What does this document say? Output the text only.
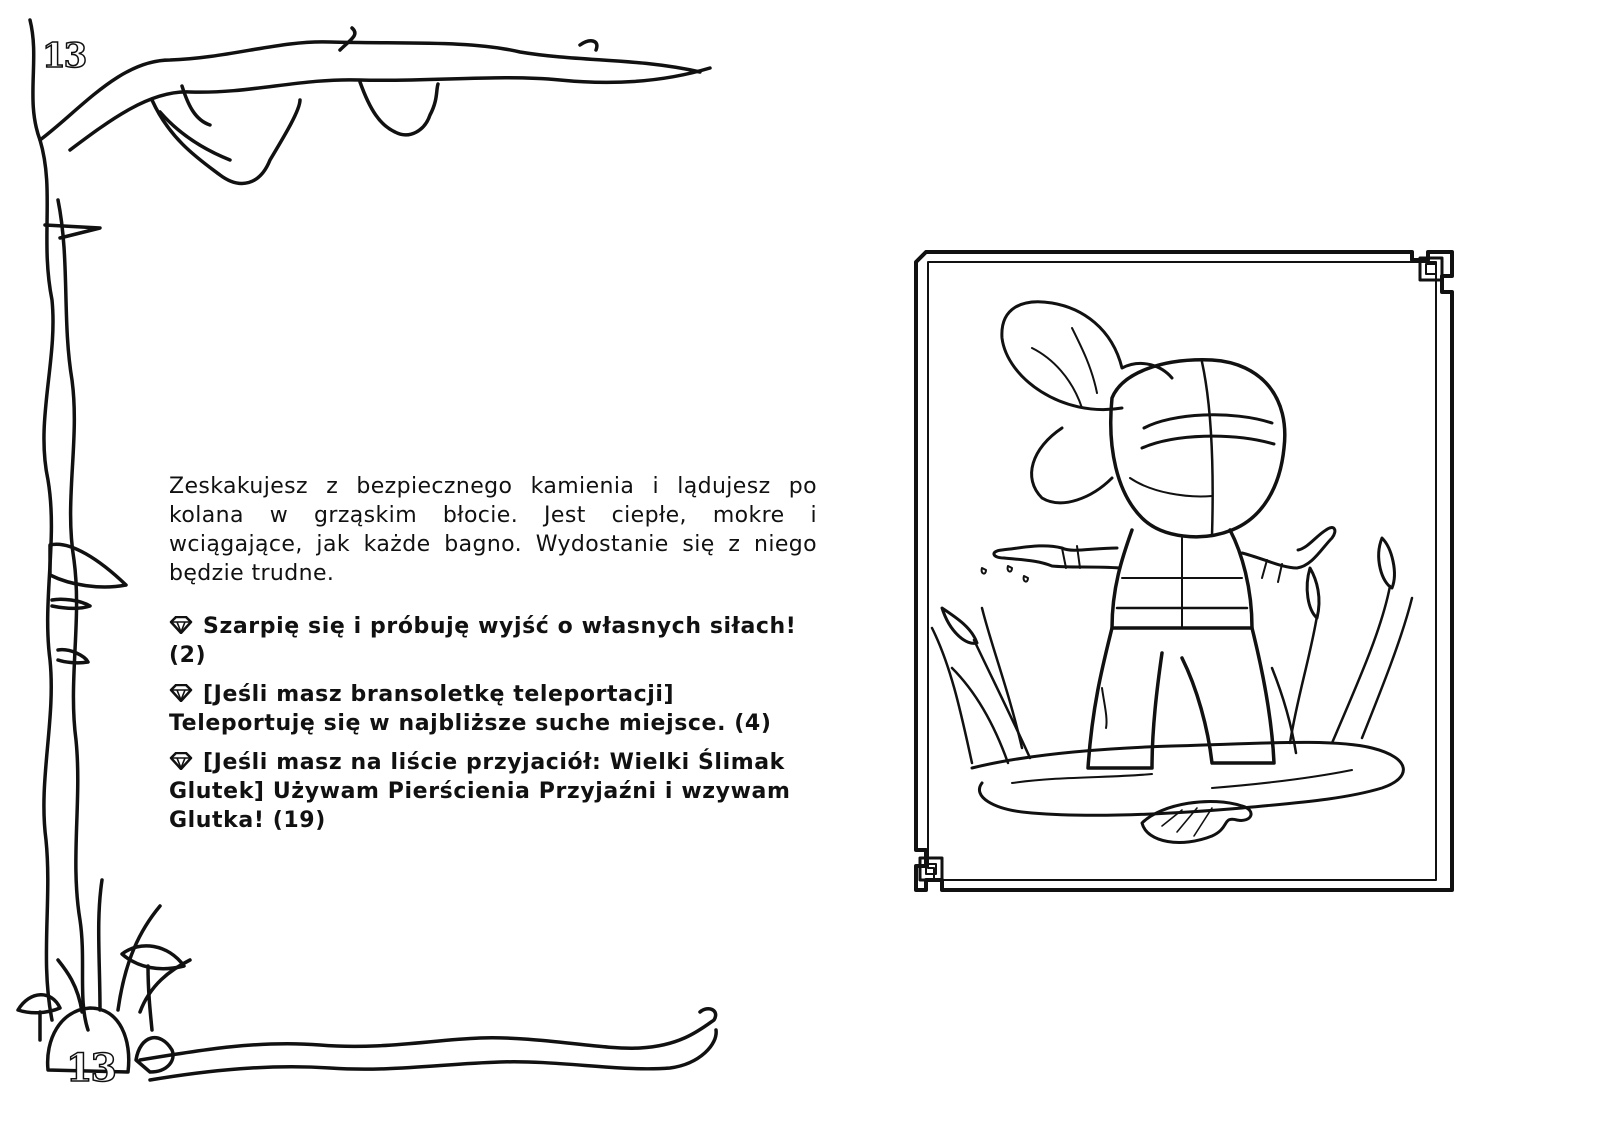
13
13

Zeskakujesz z bezpiecznego kamienia i lądujesz po kolana w grząskim błocie. Jest ciepłe, mokre i wciągające, jak każde bagno. Wydostanie się z niego będzie trudne.

Szarpię się i próbuję wyjść o własnych siłach! (2)
[Jeśli masz bransoletkę teleportacji] Teleportuję się w najbliższe suche miejsce. (4)
[Jeśli masz na liście przyjaciół: Wielki Ślimak Glutek] Używam Pierścienia Przyjaźni i wzywam Glutka! (19)
